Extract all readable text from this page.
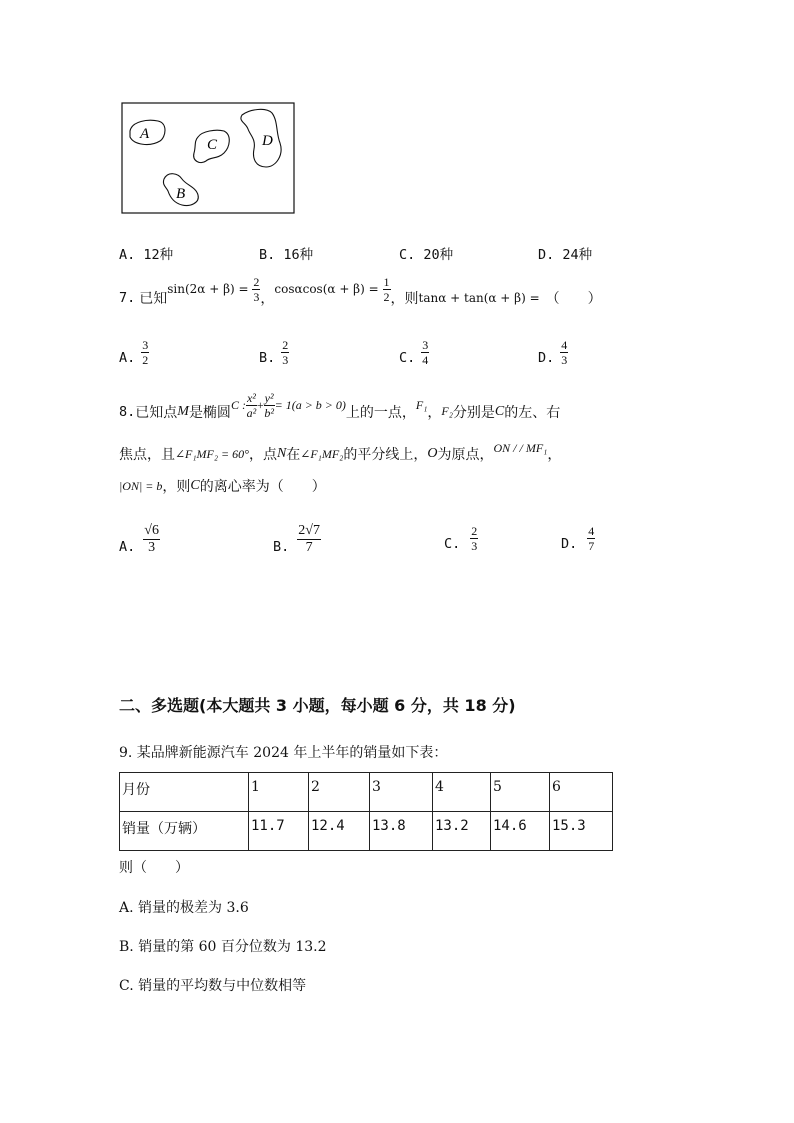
A
C	D
B
A. 12种	B. 16种	C. 20种	D. 24种
7. 已知
$\sin(2\alpha + \beta) = \frac{2}{3}$ ，
$\cos\alpha\cos(\alpha + \beta) = \frac{1}{2}$ ，则 tanα + tan(α + β) = （　　）
A. $\frac{3}{2}$	B. $\frac{2}{3}$	C. $\frac{3}{4}$	D. $\frac{4}{3}$
8. 已知点 M 是椭圆 C : $\frac{\text{x²}}{\text{a²}} + \frac{\text{y²}}{\text{b²}} = 1(a > b > 0)$ 上的一点， F₁ ， F₂ 分别是 C 的左、右
焦点，且 ∠F₁MF₂ = 60° ，点 N 在 ∠F₁MF₂ 的平分线上， O 为原点， ON / / MF₁ ，
|ON| = b ，则 C 的离心率为（　　）
A. $\frac{√6}{3}$	B. $\frac{2√7}{7}$	C. $\frac{2}{3}$	D. $\frac{4}{7}$
二、多选题(本大题共 3 小题，每小题 6 分，共 18 分)
9. 某品牌新能源汽车 2024 年上半年的销量如下表：
月份	1	2	3	4	5	6
销量（万辆）	11.7	12.4	13.8	13.2	14.6	15.3
则（　　）
A. 销量的极差为 3.6
B. 销量的第 60 百分位数为 13.2
C. 销量的平均数与中位数相等
